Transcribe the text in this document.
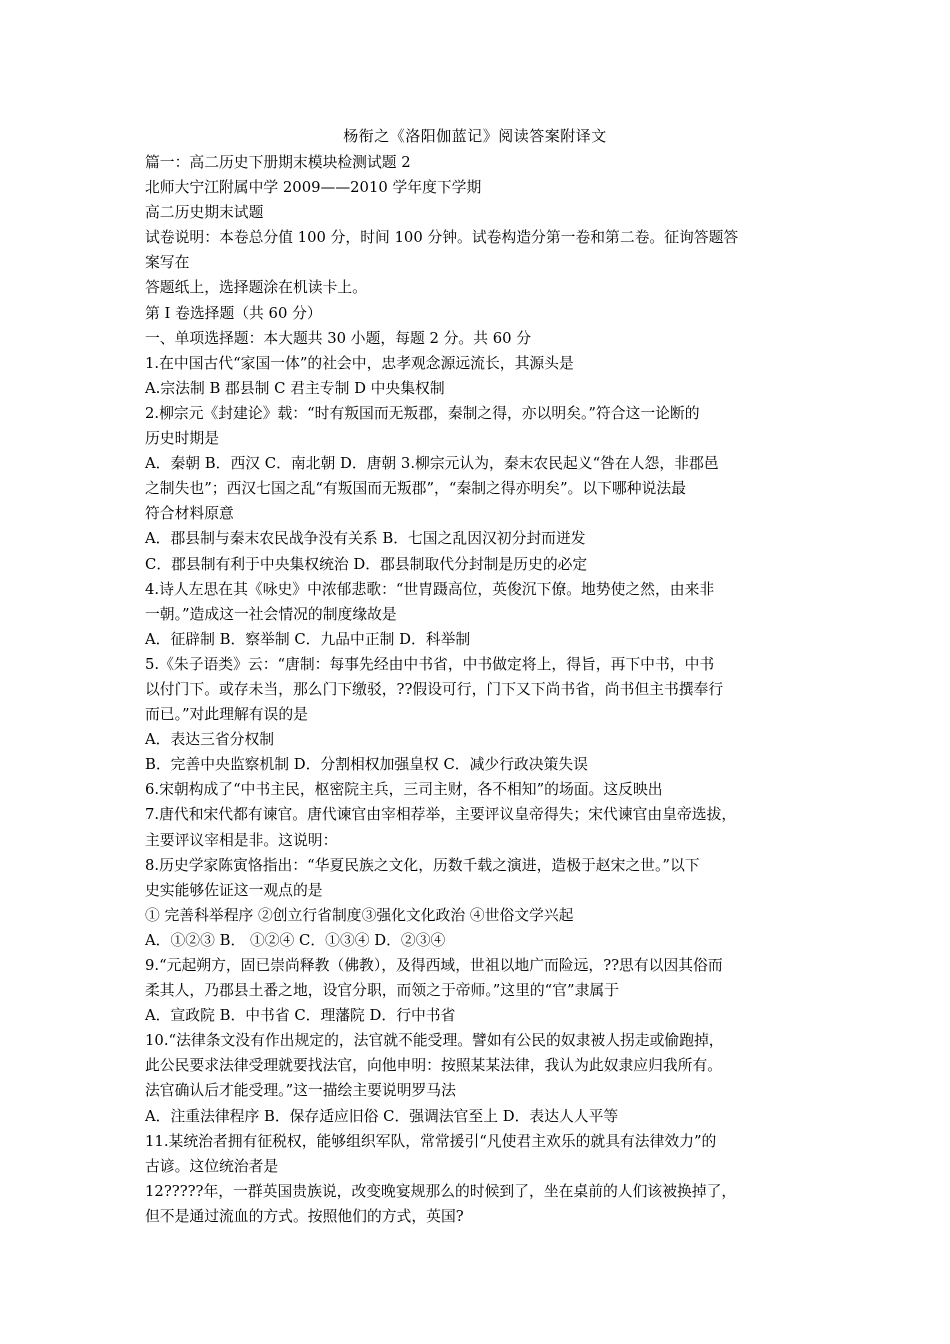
杨衔之《洛阳伽蓝记》阅读答案附译文

篇一：高二历史下册期末模块检测试题 2

北师大宁江附属中学 2009——2010 学年度下学期

高二历史期末试题

试卷说明：本卷总分值 100 分，时间 100 分钟。试卷构造分第一卷和第二卷。征询答题答

案写在

答题纸上，选择题涂在机读卡上。

第 Ⅰ 卷选择题（共 60 分）

一、单项选择题：本大题共 30 小题，每题 2 分。共 60 分

1.在中国古代“家国一体”的社会中，忠孝观念源远流长，其源头是

A.宗法制 B 郡县制 C 君主专制 D 中央集权制

2.柳宗元《封建论》载：“时有叛国而无叛郡，秦制之得，亦以明矣。”符合这一论断的

历史时期是

A．秦朝 B．西汉 C．南北朝 D．唐朝 3.柳宗元认为，秦末农民起义“咎在人怨，非郡邑

之制失也”；西汉七国之乱“有叛国而无叛郡”，“秦制之得亦明矣”。以下哪种说法最

符合材料原意

A．郡县制与秦末农民战争没有关系 B．七国之乱因汉初分封而迸发

C．郡县制有利于中央集权统治 D．郡县制取代分封制是历史的必定

4.诗人左思在其《咏史》中浓郁悲歌：“世胄蹑高位，英俊沉下僚。地势使之然，由来非

一朝。”造成这一社会情况的制度缘故是

A．征辟制 B．察举制 C．九品中正制 D．科举制

5.《朱子语类》云：“唐制：每事先经由中书省，中书做定将上，得旨，再下中书，中书

以付门下。或存未当，那么门下缴驳，??假设可行，门下又下尚书省，尚书但主书撰奉行

而已。”对此理解有误的是

A．表达三省分权制

B．完善中央监察机制 D．分割相权加强皇权 C．减少行政决策失误

6.宋朝构成了“中书主民，枢密院主兵，三司主财，各不相知”的场面。这反映出

7.唐代和宋代都有谏官。唐代谏官由宰相荐举，主要评议皇帝得失；宋代谏官由皇帝选拔，

主要评议宰相是非。这说明：

8.历史学家陈寅恪指出：“华夏民族之文化，历数千载之演进，造极于赵宋之世。”以下

史实能够佐证这一观点的是

① 完善科举程序 ②创立行省制度③强化文化政治 ④世俗文学兴起

A．①②③ B． ①②④ C．①③④ D．②③④

9.“元起朔方，固已崇尚释教（佛教），及得西域，世祖以地广而险远，??思有以因其俗而

柔其人，乃郡县土番之地，设官分职，而领之于帝师。”这里的“官”隶属于

A．宣政院 B．中书省 C．理藩院 D．行中书省

10.“法律条文没有作出规定的，法官就不能受理。譬如有公民的奴隶被人拐走或偷跑掉，

此公民要求法律受理就要找法官，向他申明：按照某某法律，我认为此奴隶应归我所有。

法官确认后才能受理。”这一描绘主要说明罗马法

A．注重法律程序 B．保存适应旧俗 C．强调法官至上 D．表达人人平等

11.某统治者拥有征税权，能够组织军队，常常援引“凡使君主欢乐的就具有法律效力”的

古谚。这位统治者是

12?????年，一群英国贵族说，改变晚宴规那么的时候到了，坐在桌前的人们该被换掉了，

但不是通过流血的方式。按照他们的方式，英国?
